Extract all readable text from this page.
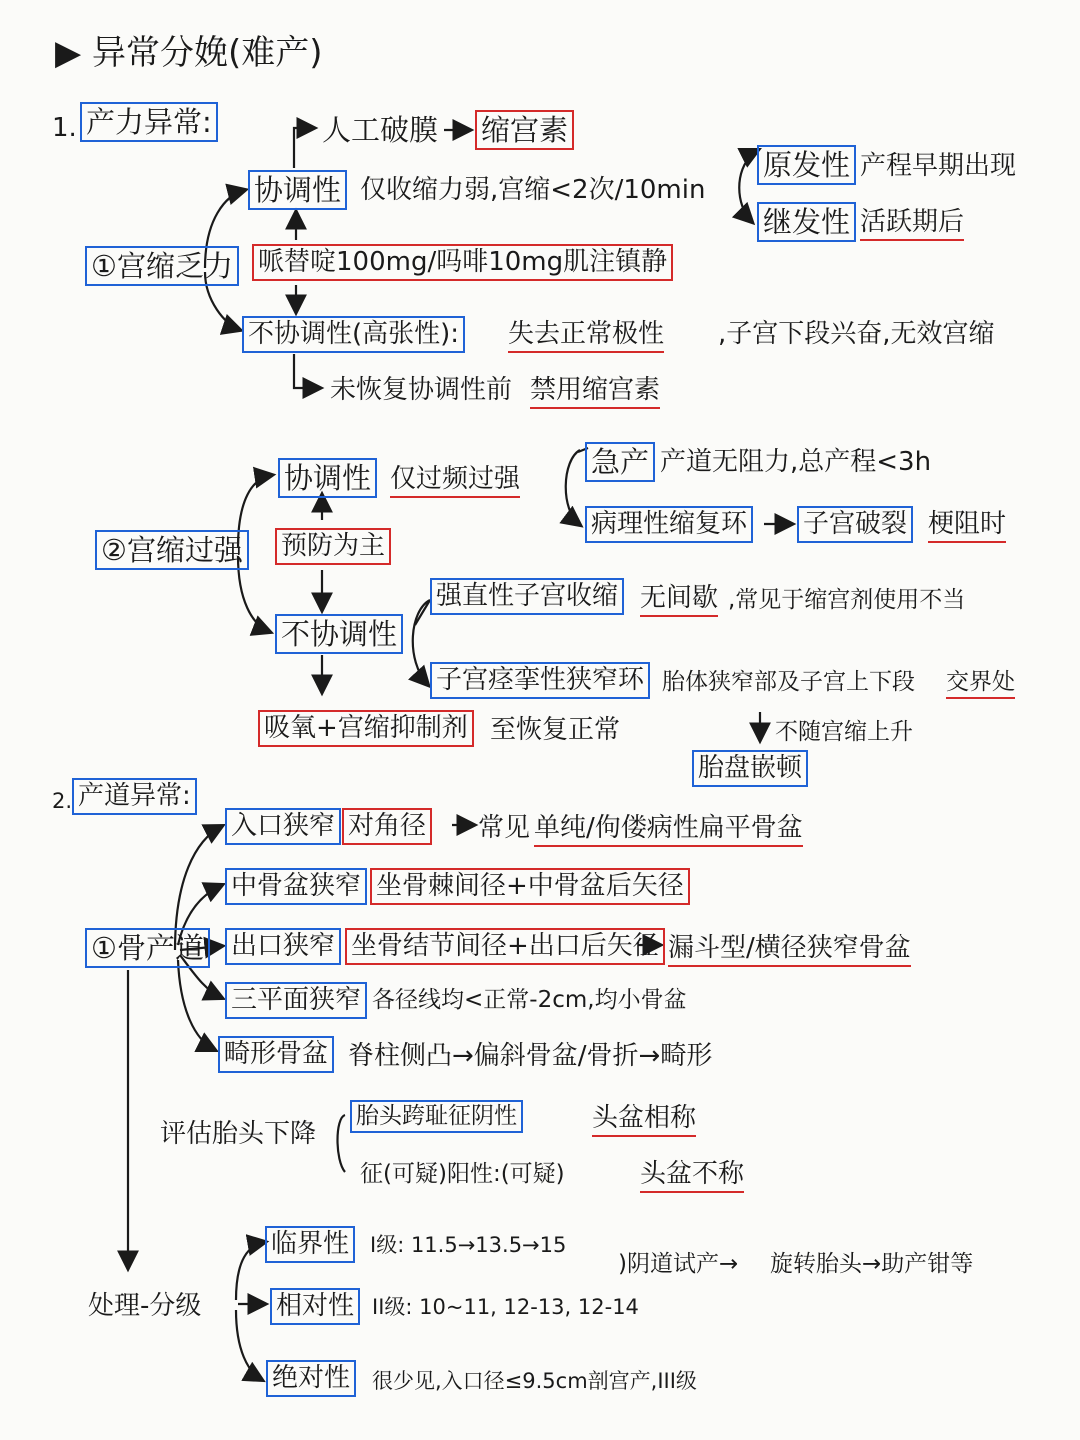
▶ 异常分娩(难产)
1. 产力异常:	人工破膜 缩宫素
协调性 仅收缩力弱,宫缩<2次/10min
原发性 产程早期出现
继发性 活跃期后
①宫缩乏力 哌替啶100mg/吗啡10mg肌注镇静
不协调性(高张性): 失去正常极性 ,子宫下段兴奋,无效宫缩
未恢复协调性前 禁用缩宫素
协调性 仅过频过强 急产 产道无阻力,总产程<3h
病理性缩复环 子宫破裂 梗阻时
②宫缩过强 预防为主
强直性子宫收缩 无间歇 ,常见于缩宫剂使用不当
不协调性
子宫痉挛性狭窄环 胎体狭窄部及子宫上下段 交界处
吸氧+宫缩抑制剂 至恢复正常	不随宫缩上升
胎盘嵌顿
2. 产道异常:
入口狭窄 对角径 常见 单纯/佝偻病性扁平骨盆
中骨盆狭窄 坐骨棘间径+中骨盆后矢径
①骨产道 出口狭窄 坐骨结节间径+出口后矢径 漏斗型/横径狭窄骨盆
三平面狭窄 各径线均<正常-2cm,均小骨盆
畸形骨盆 脊柱侧凸→偏斜骨盆/骨折→畸形
评估胎头下降
胎头跨耻征阴性	头盆相称
征(可疑)阳性:(可疑)	头盆不称
临界性 I级: 11.5→13.5→15
)阴道试产→ 旋转胎头→助产钳等
处理-分级	相对性 II级: 10~11, 12-13, 12-14
绝对性 很少见,入口径≤9.5cm剖宫产,III级
